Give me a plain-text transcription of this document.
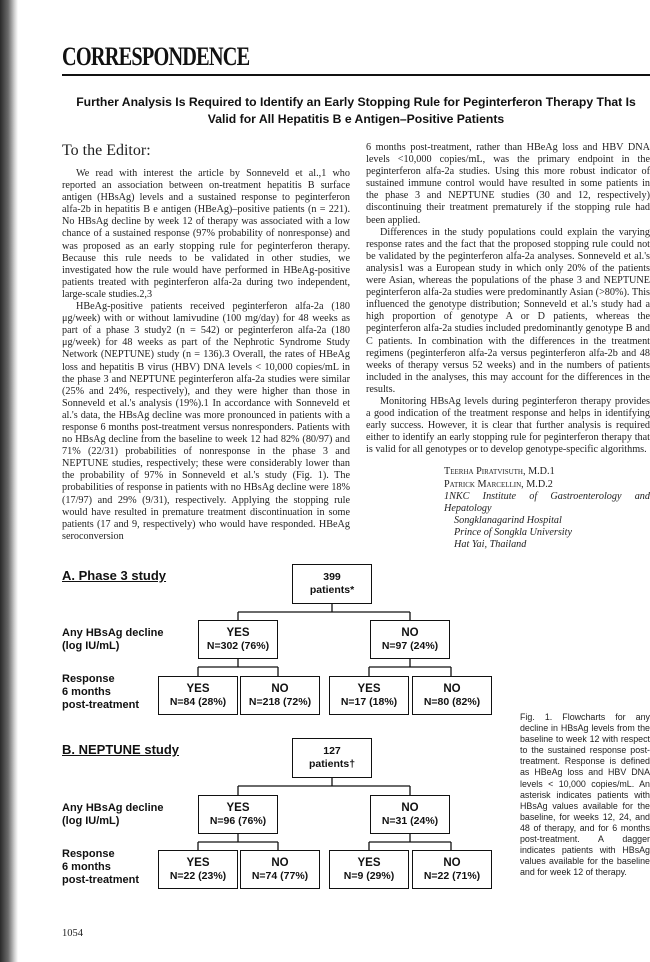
CORRESPONDENCE
Further Analysis Is Required to Identify an Early Stopping Rule for Peginterferon Therapy That Is Valid for All Hepatitis B e Antigen–Positive Patients
To the Editor:

We read with interest the article by Sonneveld et al.,1 who reported an association between on-treatment hepatitis B surface antigen (HBsAg) levels and a sustained response to peginterferon alfa-2b in hepatitis B e antigen (HBeAg)–positive patients (n = 221). No HBsAg decline by week 12 of therapy was associated with a low chance of a sustained response (97% probability of nonresponse) and was proposed as an early stopping rule for peginterferon therapy. Because this rule needs to be validated in other studies, we investigated how the rule would have performed in HBeAg-positive patients treated with peginterferon alfa-2a during two independent, large-scale studies.2,3

HBeAg-positive patients received peginterferon alfa-2a (180 μg/week) with or without lamivudine (100 mg/day) for 48 weeks as part of a phase 3 study2 (n = 542) or peginterferon alfa-2a (180 μg/week) for 48 weeks as part of the Nephrotic Syndrome Study Network (NEPTUNE) study (n = 136).3 Overall, the rates of HBeAg loss and hepatitis B virus (HBV) DNA levels < 10,000 copies/mL in the phase 3 and NEPTUNE peginterferon alfa-2a studies were similar (25% and 24%, respectively), and they were higher than those in Sonneveld et al.'s analysis (19%).1 In accordance with Sonneveld et al.'s data, the HBsAg decline was more pronounced in patients with a response 6 months post-treatment versus nonresponders. Patients with no HBsAg decline from the baseline to week 12 had 82% (80/97) and 71% (22/31) probabilities of nonresponse in the phase 3 and NEPTUNE studies, respectively; these were considerably lower than the probability of 97% in Sonneveld et al.'s study (Fig. 1). The probabilities of response in patients with no HBsAg decline were 18% (17/97) and 29% (9/31), respectively. Applying the stopping rule would have resulted in premature treatment discontinuation in some patients (17 and 9, respectively) who would have responded. HBeAg seroconversion

6 months post-treatment, rather than HBeAg loss and HBV DNA levels <10,000 copies/mL, was the primary endpoint in the peginterferon alfa-2a studies. Using this more robust indicator of sustained immune control would have resulted in some patients in the phase 3 and NEPTUNE studies (30 and 12, respectively) discontinuing their treatment prematurely if the stopping rule had been applied.

Differences in the study populations could explain the varying response rates and the fact that the proposed stopping rule could not be validated by the peginterferon alfa-2a analyses. Sonneveld et al.'s analysis1 was a European study in which only 20% of the patients were Asian, whereas the populations of the phase 3 and NEPTUNE peginterferon alfa-2a studies were predominantly Asian (>80%). This influenced the genotype distribution; Sonneveld et al.'s study had a high proportion of genotype A or D patients, whereas the peginterferon alfa-2a studies included predominantly genotype B and C patients. In combination with the differences in the treatment regimens (peginterferon alfa-2a versus peginterferon alfa-2b and 48 weeks of therapy versus 52 weeks) and in the numbers of patients included in the analyses, this may account for the differences in the results.

Monitoring HBsAg levels during peginterferon therapy provides a good indication of the treatment response and helps in identifying early success. However, it is clear that further analysis is required either to identify an early stopping rule for peginterferon therapy that is valid for all genotypes or to develop genotype-specific algorithms.

Teerha Piratvisuth, M.D.1
Patrick Marcellin, M.D.2
1NKC Institute of Gastroenterology and Hepatology
Songklanagarind Hospital
Prince of Songkla University
Hat Yai, Thailand
A. Phase 3 study	399
patients*
Any HBsAg decline
(log IU/mL)
YES
N=302 (76%)
NO
N=97 (24%)
Response
6 months
post-treatment
YES
N=84 (28%)
NO
N=218 (72%)
YES
N=17 (18%)
NO
N=80 (82%)
B. NEPTUNE study	127
patients†
Any HBsAg decline
(log IU/mL)
YES
N=96 (76%)
NO
N=31 (24%)
Response
6 months
post-treatment
YES
N=22 (23%)
NO
N=74 (77%)
YES
N=9 (29%)
NO
N=22 (71%)
Fig. 1. Flowcharts for any decline in HBsAg levels from the baseline to week 12 with respect to the sustained response post-treatment. Response is defined as HBeAg loss and HBV DNA levels < 10,000 copies/mL. An asterisk indicates patients with HBsAg values available for the baseline, for weeks 12, 24, and 48 of therapy, and for 6 months post-treatment. A dagger indicates patients with HBsAg values available for the baseline and for week 12 of therapy.
1054
